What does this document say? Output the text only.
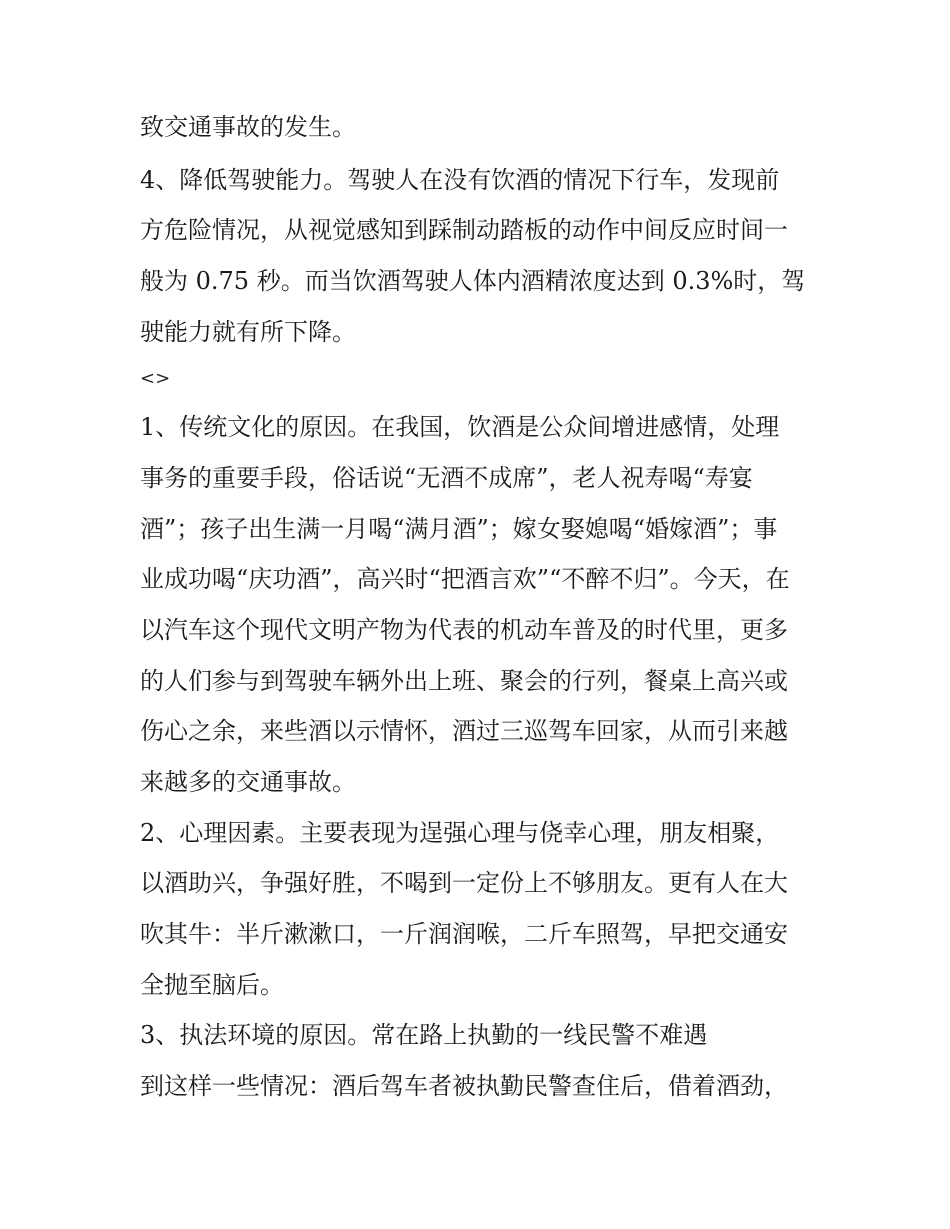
致交通事故的发生。
4、降低驾驶能力。驾驶人在没有饮酒的情况下行车，发现前
方危险情况，从视觉感知到踩制动踏板的动作中间反应时间一
般为 0.75 秒。而当饮酒驾驶人体内酒精浓度达到 0.3%时，驾
驶能力就有所下降。
<>
1、传统文化的原因。在我国，饮酒是公众间增进感情，处理
事务的重要手段，俗话说“无酒不成席”，老人祝寿喝“寿宴
酒”；孩子出生满一月喝“满月酒”；嫁女娶媳喝“婚嫁酒”；事
业成功喝“庆功酒”，高兴时“把酒言欢”“不醉不归”。今天，在
以汽车这个现代文明产物为代表的机动车普及的时代里，更多
的人们参与到驾驶车辆外出上班、聚会的行列，餐桌上高兴或
伤心之余，来些酒以示情怀，酒过三巡驾车回家，从而引来越
来越多的交通事故。
2、心理因素。主要表现为逞强心理与侥幸心理，朋友相聚，
以酒助兴，争强好胜，不喝到一定份上不够朋友。更有人在大
吹其牛：半斤漱漱口，一斤润润喉，二斤车照驾，早把交通安
全抛至脑后。
3、执法环境的原因。常在路上执勤的一线民警不难遇
到这样一些情况：酒后驾车者被执勤民警查住后，借着酒劲，
